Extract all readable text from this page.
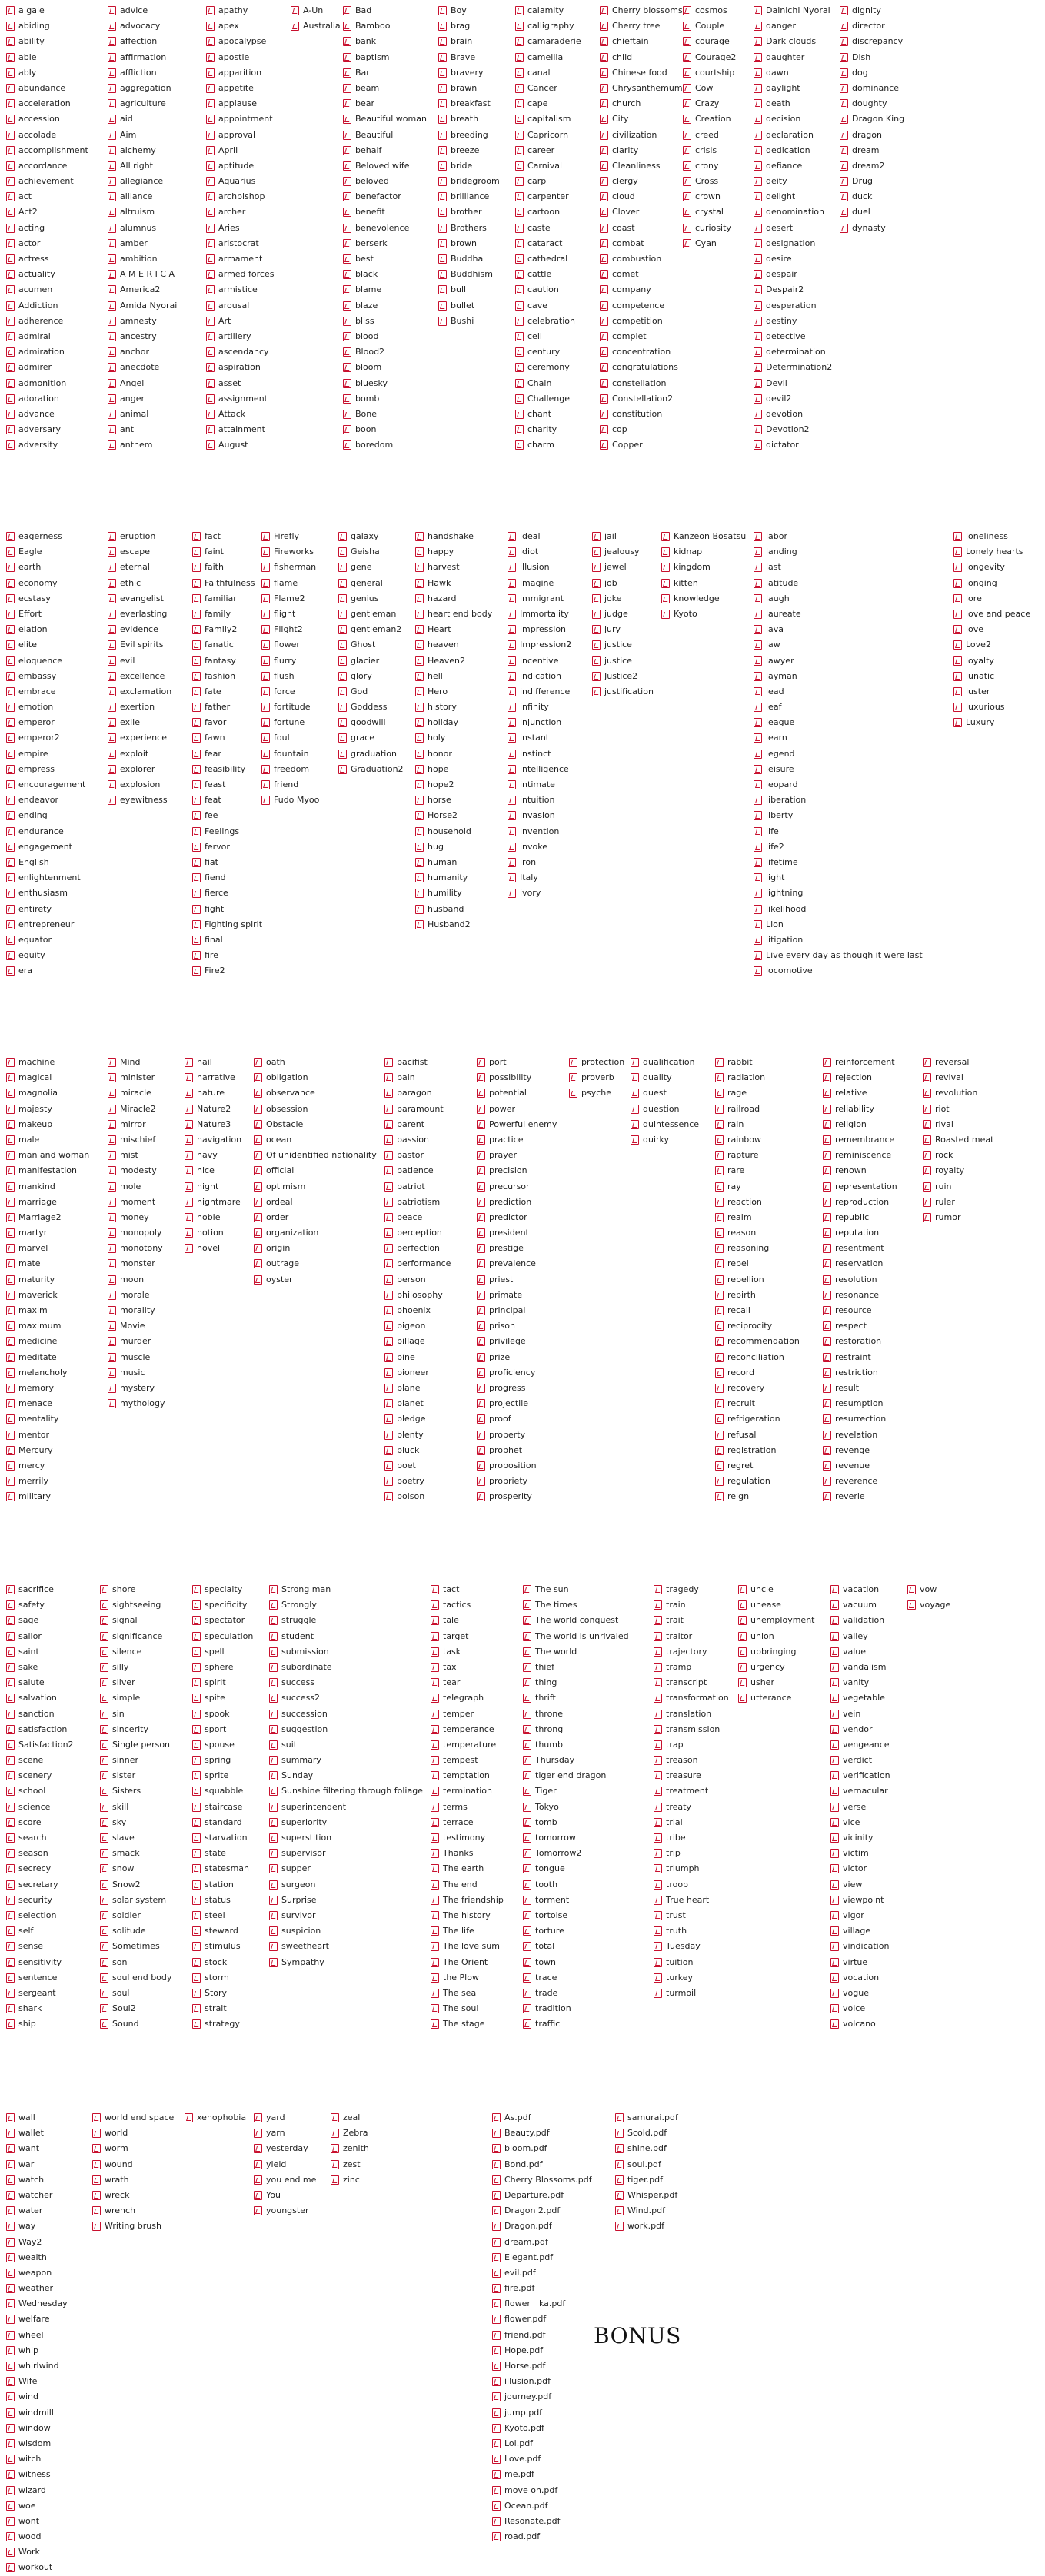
a gale
abiding
ability
able
ably
abundance
acceleration
accession
accolade
accomplishment
accordance
achievement
act
Act2
acting
actor
actress
actuality
acumen
Addiction
adherence
admiral
admiration
admirer
admonition
adoration
advance
adversary
adversity
advice
advocacy
affection
affirmation
affliction
aggregation
agriculture
aid
Aim
alchemy
All right
allegiance
alliance
altruism
alumnus
amber
ambition
A M E R I C A
America2
Amida Nyorai
amnesty
ancestry
anchor
anecdote
Angel
anger
animal
ant
anthem
apathy
apex
apocalypse
apostle
apparition
appetite
applause
appointment
approval
April
aptitude
Aquarius
archbishop
archer
Aries
aristocrat
armament
armed forces
armistice
arousal
Art
artillery
ascendancy
aspiration
asset
assignment
Attack
attainment
August
A-Un
Australia
Bad
Bamboo
bank
baptism
Bar
beam
bear
Beautiful woman
Beautiful
behalf
Beloved wife
beloved
benefactor
benefit
benevolence
berserk
best
black
blame
blaze
bliss
blood
Blood2
bloom
bluesky
bomb
Bone
boon
boredom
Boy
brag
brain
Brave
bravery
brawn
breakfast
breath
breeding
breeze
bride
bridegroom
brilliance
brother
Brothers
brown
Buddha
Buddhism
bull
bullet
Bushi
calamity
calligraphy
camaraderie
camellia
canal
Cancer
cape
capitalism
Capricorn
career
Carnival
carp
carpenter
cartoon
caste
cataract
cathedral
cattle
caution
cave
celebration
cell
century
ceremony
Chain
Challenge
chant
charity
charm
Cherry blossoms
Cherry tree
chieftain
child
Chinese food
Chrysanthemum
church
City
civilization
clarity
Cleanliness
clergy
cloud
Clover
coast
combat
combustion
comet
company
competence
competition
complet
concentration
congratulations
constellation
Constellation2
constitution
cop
Copper
cosmos
Couple
courage
Courage2
courtship
Cow
Crazy
Creation
creed
crisis
crony
Cross
crown
crystal
curiosity
Cyan
Dainichi Nyorai
danger
Dark clouds
daughter
dawn
daylight
death
decision
declaration
dedication
defiance
deity
delight
denomination
desert
designation
desire
despair
Despair2
desperation
destiny
detective
determination
Determination2
Devil
devil2
devotion
Devotion2
dictator
dignity
director
discrepancy
Dish
dog
dominance
doughty
Dragon King
dragon
dream
dream2
Drug
duck
duel
dynasty
eagerness
Eagle
earth
economy
ecstasy
Effort
elation
elite
eloquence
embassy
embrace
emotion
emperor
emperor2
empire
empress
encouragement
endeavor
ending
endurance
engagement
English
enlightenment
enthusiasm
entirety
entrepreneur
equator
equity
era
eruption
escape
eternal
ethic
evangelist
everlasting
evidence
Evil spirits
evil
excellence
exclamation
exertion
exile
experience
exploit
explorer
explosion
eyewitness
fact
faint
faith
Faithfulness
familiar
family
Family2
fanatic
fantasy
fashion
fate
father
favor
fawn
fear
feasibility
feast
feat
fee
Feelings
fervor
fiat
fiend
fierce
fight
Fighting spirit
final
fire
Fire2
Firefly
Fireworks
fisherman
flame
Flame2
flight
Flight2
flower
flurry
flush
force
fortitude
fortune
foul
fountain
freedom
friend
Fudo Myoo
galaxy
Geisha
gene
general
genius
gentleman
gentleman2
Ghost
glacier
glory
God
Goddess
goodwill
grace
graduation
Graduation2
handshake
happy
harvest
Hawk
hazard
heart end body
Heart
heaven
Heaven2
hell
Hero
history
holiday
holy
honor
hope
hope2
horse
Horse2
household
hug
human
humanity
humility
husband
Husband2
ideal
idiot
illusion
imagine
immigrant
Immortality
impression
Impression2
incentive
indication
indifference
infinity
injunction
instant
instinct
intelligence
intimate
intuition
invasion
invention
invoke
iron
Italy
ivory
jail
jealousy
jewel
job
joke
judge
jury
justice
justice
Justice2
justification
Kanzeon Bosatsu
kidnap
kingdom
kitten
knowledge
Kyoto
labor
landing
last
latitude
laugh
laureate
lava
law
lawyer
layman
lead
leaf
league
learn
legend
leisure
leopard
liberation
liberty
life
life2
lifetime
light
lightning
likelihood
Lion
litigation
Live every day as though it were last
locomotive
loneliness
Lonely hearts
longevity
longing
lore
love and peace
love
Love2
loyalty
lunatic
luster
luxurious
Luxury
machine
magical
magnolia
majesty
makeup
male
man and woman
manifestation
mankind
marriage
Marriage2
martyr
marvel
mate
maturity
maverick
maxim
maximum
medicine
meditate
melancholy
memory
menace
mentality
mentor
Mercury
mercy
merrily
military
Mind
minister
miracle
Miracle2
mirror
mischief
mist
modesty
mole
moment
money
monopoly
monotony
monster
moon
morale
morality
Movie
murder
muscle
music
mystery
mythology
nail
narrative
nature
Nature2
Nature3
navigation
navy
nice
night
nightmare
noble
notion
novel
oath
obligation
observance
obsession
Obstacle
ocean
Of unidentified nationality
official
optimism
ordeal
order
organization
origin
outrage
oyster
pacifist
pain
paragon
paramount
parent
passion
pastor
patience
patriot
patriotism
peace
perception
perfection
performance
person
philosophy
phoenix
pigeon
pillage
pine
pioneer
plane
planet
pledge
plenty
pluck
poet
poetry
poison
port
possibility
potential
power
Powerful enemy
practice
prayer
precision
precursor
prediction
predictor
president
prestige
prevalence
priest
primate
principal
prison
privilege
prize
proficiency
progress
projectile
proof
property
prophet
proposition
propriety
prosperity
protection
proverb
psyche
qualification
quality
quest
question
quintessence
quirky
rabbit
radiation
rage
railroad
rain
rainbow
rapture
rare
ray
reaction
realm
reason
reasoning
rebel
rebellion
rebirth
recall
reciprocity
recommendation
reconciliation
record
recovery
recruit
refrigeration
refusal
registration
regret
regulation
reign
reinforcement
rejection
relative
reliability
religion
remembrance
reminiscence
renown
representation
reproduction
republic
reputation
resentment
reservation
resolution
resonance
resource
respect
restoration
restraint
restriction
result
resumption
resurrection
revelation
revenge
revenue
reverence
reverie
reversal
revival
revolution
riot
rival
Roasted meat
rock
royalty
ruin
ruler
rumor
sacrifice
safety
sage
sailor
saint
sake
salute
salvation
sanction
satisfaction
Satisfaction2
scene
scenery
school
science
score
search
season
secrecy
secretary
security
selection
self
sense
sensitivity
sentence
sergeant
shark
ship
shore
sightseeing
signal
significance
silence
silly
silver
simple
sin
sincerity
Single person
sinner
sister
Sisters
skill
sky
slave
smack
snow
Snow2
solar system
soldier
solitude
Sometimes
son
soul end body
soul
Soul2
Sound
specialty
specificity
spectator
speculation
spell
sphere
spirit
spite
spook
sport
spouse
spring
sprite
squabble
staircase
standard
starvation
state
statesman
station
status
steel
steward
stimulus
stock
storm
Story
strait
strategy
Strong man
Strongly
struggle
student
submission
subordinate
success
success2
succession
suggestion
suit
summary
Sunday
Sunshine filtering through foliage
superintendent
superiority
superstition
supervisor
supper
surgeon
Surprise
survivor
suspicion
sweetheart
Sympathy
tact
tactics
tale
target
task
tax
tear
telegraph
temper
temperance
temperature
tempest
temptation
termination
terms
terrace
testimony
Thanks
The earth
The end
The friendship
The history
The life
The love sum
The Orient
the Plow
The sea
The soul
The stage
The sun
The times
The world conquest
The world is unrivaled
The world
thief
thing
thrift
throne
throng
thumb
Thursday
tiger end dragon
Tiger
Tokyo
tomb
tomorrow
Tomorrow2
tongue
tooth
torment
tortoise
torture
total
town
trace
trade
tradition
traffic
tragedy
train
trait
traitor
trajectory
tramp
transcript
transformation
translation
transmission
trap
treason
treasure
treatment
treaty
trial
tribe
trip
triumph
troop
True heart
trust
truth
Tuesday
tuition
turkey
turmoil
uncle
unease
unemployment
union
upbringing
urgency
usher
utterance
vacation
vacuum
validation
valley
value
vandalism
vanity
vegetable
vein
vendor
vengeance
verdict
verification
vernacular
verse
vice
vicinity
victim
victor
view
viewpoint
vigor
village
vindication
virtue
vocation
vogue
voice
volcano
vow
voyage
wall
wallet
want
war
watch
watcher
water
way
Way2
wealth
weapon
weather
Wednesday
welfare
wheel
whip
whirlwind
Wife
wind
windmill
window
wisdom
witch
witness
wizard
woe
wont
wood
Work
workout
world end space
world
worm
wound
wrath
wreck
wrench
Writing brush
xenophobia	yard
yarn
yesterday
yield
you end me
You
youngster
zeal
Zebra
zenith
zest
zinc
As.pdf
Beauty.pdf
bloom.pdf
Bond.pdf
Cherry Blossoms.pdf
Departure.pdf
Dragon 2.pdf
Dragon.pdf
dream.pdf
Elegant.pdf
evil.pdf
fire.pdf
flower　ka.pdf
flower.pdf
friend.pdf
Hope.pdf
Horse.pdf
illusion.pdf
journey.pdf
jump.pdf
Kyoto.pdf
Lol.pdf
Love.pdf
me.pdf
move on.pdf
Ocean.pdf
Resonate.pdf
road.pdf
samurai.pdf
Scold.pdf
shine.pdf
soul.pdf
tiger.pdf
Whisper.pdf
Wind.pdf
work.pdf
BONUS
